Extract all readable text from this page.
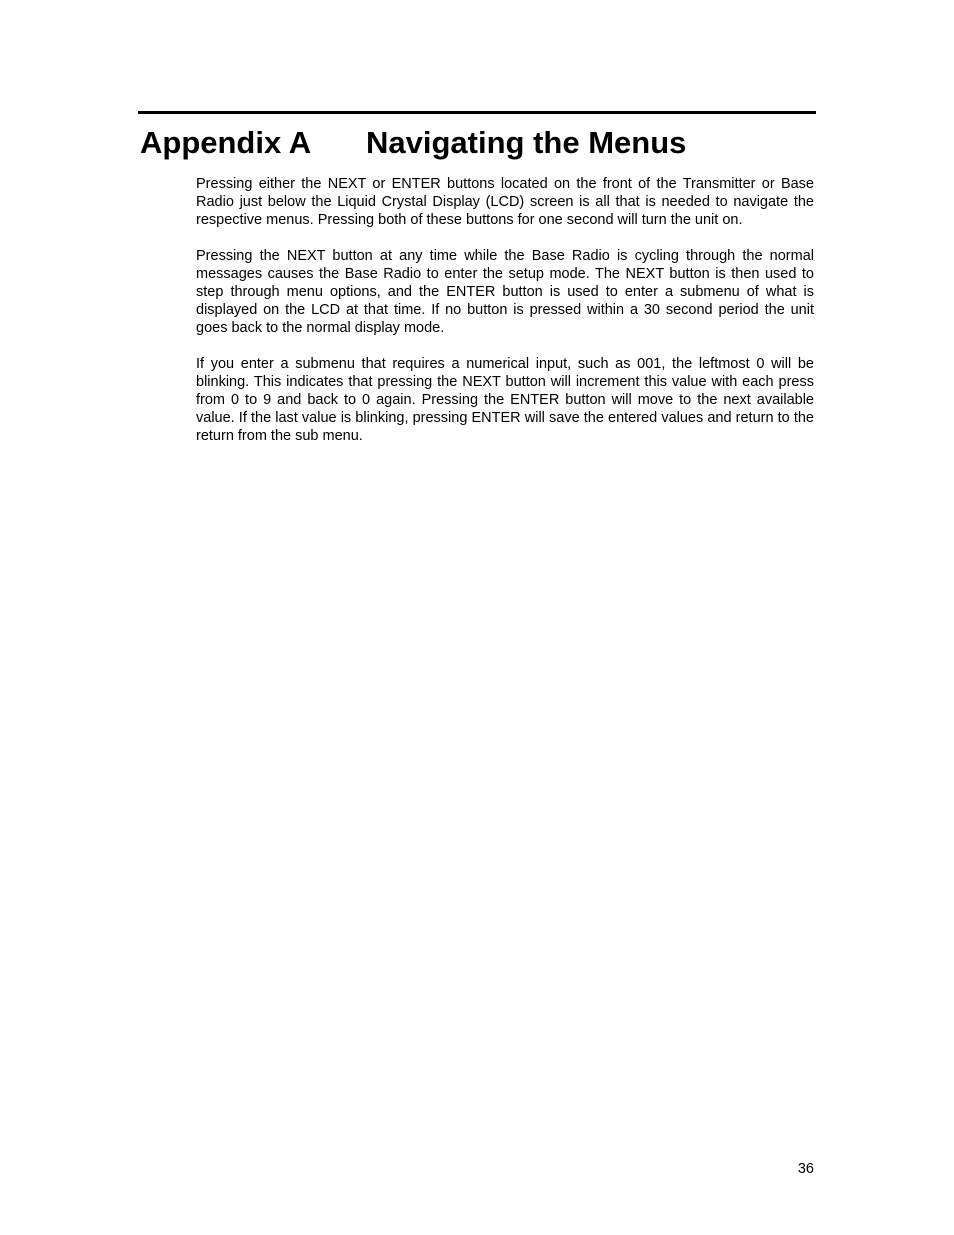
Appendix A Navigating the Menus

Pressing either the NEXT or ENTER buttons located on the front of the Transmitter or Base Radio just below the Liquid Crystal Display (LCD) screen is all that is needed to navigate the respective menus. Pressing both of these buttons for one second will turn the unit on.

Pressing the NEXT button at any time while the Base Radio is cycling through the normal messages causes the Base Radio to enter the setup mode. The NEXT button is then used to step through menu options, and the ENTER button is used to enter a submenu of what is displayed on the LCD at that time. If no button is pressed within a 30 second period the unit goes back to the normal display mode.

If you enter a submenu that requires a numerical input, such as 001, the leftmost 0 will be blinking. This indicates that pressing the NEXT button will increment this value with each press from 0 to 9 and back to 0 again. Pressing the ENTER button will move to the next available value. If the last value is blinking, pressing ENTER will save the entered values and return to the return from the sub menu.

36
